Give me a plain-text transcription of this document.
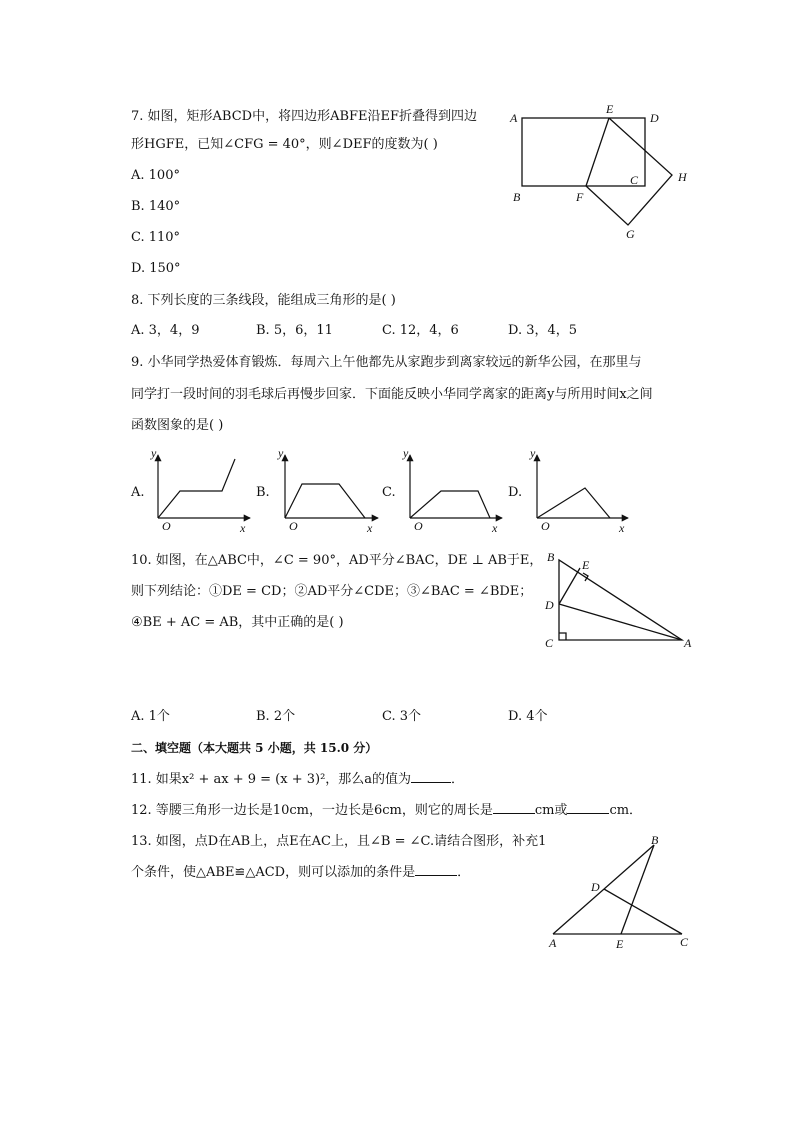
7. 如图，矩形ABCD中，将四边形ABFE沿EF折叠得到四边
形HGFE，已知∠CFG = 40°，则∠DEF的度数为( )
A. 100°
B. 140°
C. 110°
D. 150°
A	D
E
B	F
C	H
G
8. 下列长度的三条线段，能组成三角形的是( )
A. 3，4，9	B. 5，6，11	C. 12，4，6	D. 3，4，5
9. 小华同学热爱体育锻炼．每周六上午他都先从家跑步到离家较远的新华公园，在那里与
同学打一段时间的羽毛球后再慢步回家．下面能反映小华同学离家的距离y与所用时间x之间
函数图象的是( )
A.	B.	C.	D.
y
x
O
y
x
O
y
x
O
y
x
O
10. 如图，在△ABC中，∠C = 90°，AD平分∠BAC，DE ⊥ AB于E，
则下列结论：①DE = CD；②AD平分∠CDE；③∠BAC = ∠BDE；
④BE + AC = AB，其中正确的是( )
B
E
D
C	A
A. 1个	B. 2个	C. 3个	D. 4个
二、填空题（本大题共 5 小题，共 15.0 分）
11. 如果x² + ax + 9 = (x + 3)²，那么a的值为	．
12. 等腰三角形一边长是10cm，一边长是6cm，则它的周长是	cm或	cm．
13. 如图，点D在AB上，点E在AC上，且∠B = ∠C.请结合图形，补充1
个条件，使△ABE≌△ACD，则可以添加的条件是	．
B
D
A	E	C
